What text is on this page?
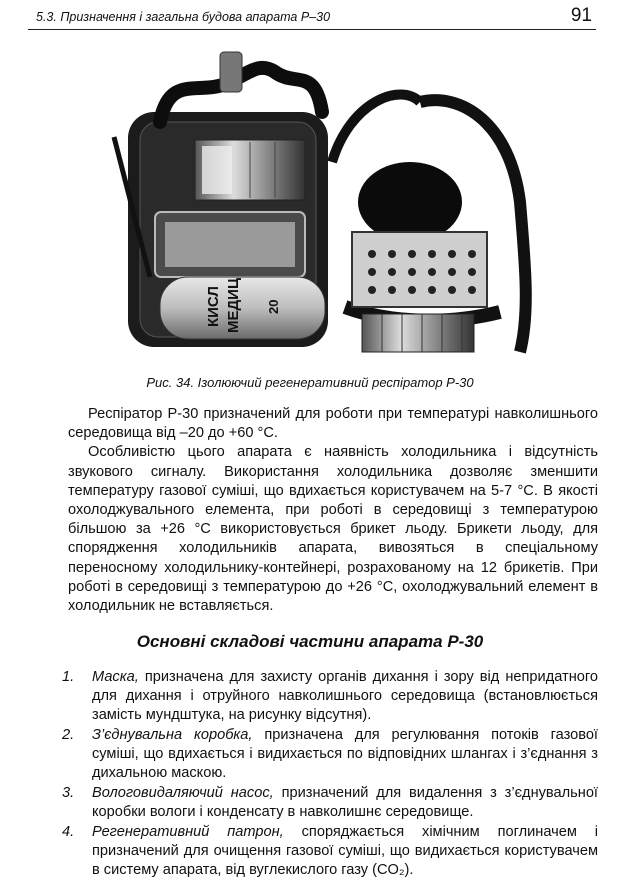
5.3. Призначення і загальна будова апарата Р–30	91
КИСЛ МЕДИЦ 20
Рис. 34. Ізолюючий регенеративний респіратор Р-30

Респіратор Р-30 призначений для роботи при температурі навколишнього середовища від –20 до +60 °С.

Особливістю цього апарата є наявність холодильника і відсутність звукового сигналу. Використання холодильника дозволяє зменшити температуру газової суміші, що вдихається користувачем на 5-7 °С. В якості охолоджувального елемента, при роботі в середовищі з температурою більшою за +26 °С використовується брикет льоду. Брикети льоду, для спорядження холодильників апарата, вивозяться в спеціальному переносному холодильнику-контейнері, розрахованому на 12 брикетів. При роботі в середовищі з температурою до +26 °С, охолоджувальний елемент в холодильник не вставляється.

Основні складові частини апарата Р-30
1. Маска, призначена для захисту органів дихання і зору від непридатного для дихання і отруйного навколишнього середовища (встановлюється замість мундштука, на рисунку відсутня).
2. З’єднувальна коробка, призначена для регулювання потоків газової суміші, що вдихається і видихається по відповідних шлангах і з’єднання з дихальною маскою.
3. Вологовидаляючий насос, призначений для видалення з з’єднувальної коробки вологи і конденсату в навколишнє середовище.
4. Регенеративний патрон, споряджається хімічним поглиначем і призначений для очищення газової суміші, що видихається користувачем в систему апарата, від вуглекислого газу (CO₂).
